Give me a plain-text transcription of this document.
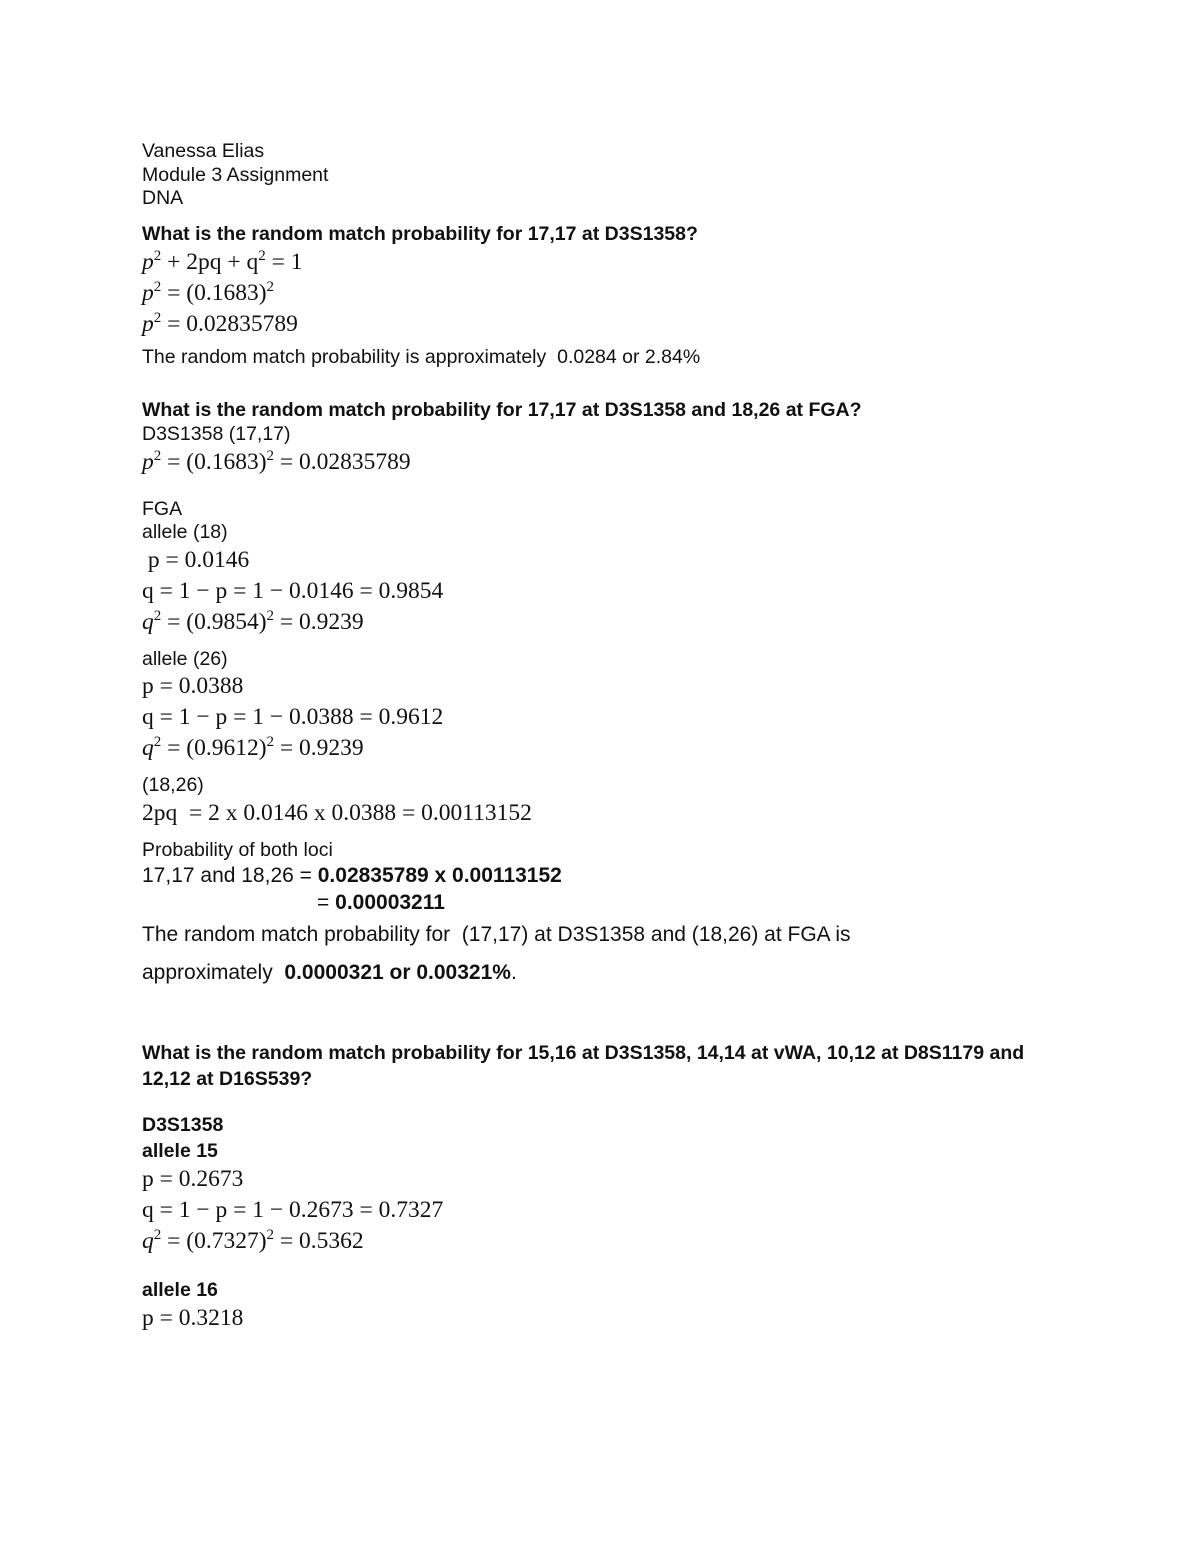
Vanessa Elias

Module 3 Assignment

DNA

What is the random match probability for 17,17 at D3S1358?

$p^2 + 2pq + q^2 = 1$

$p^2 = (0.1683)^2$

$p^2 = 0.02835789$

The random match probability is approximately  0.0284 or 2.84%

What is the random match probability for 17,17 at D3S1358 and 18,26 at FGA?

D3S1358 (17,17)

$p^2 = (0.1683)^2 = 0.02835789$

FGA

allele (18)

p = 0.0146

q = 1 − p = 1 − 0.0146 = 0.9854

$q^2 = (0.9854)^2 = 0.9239$

allele (26)

p = 0.0388

q = 1 − p = 1 − 0.0388 = 0.9612

$q^2 = (0.9612)^2 = 0.9239$

(18,26)

2pq  = 2 x 0.0146 x 0.0388 = 0.00113152

Probability of both loci

17,17 and 18,26 = 0.02835789 x 0.00113152

= 0.00003211

The random match probability for  (17,17) at D3S1358 and (18,26) at FGA is

approximately  0.0000321 or 0.00321%.

What is the random match probability for 15,16 at D3S1358, 14,14 at vWA, 10,12 at D8S1179 and 12,12 at D16S539?

D3S1358

allele 15

p = 0.2673

q = 1 − p = 1 − 0.2673 = 0.7327

$q^2 = (0.7327)^2 = 0.5362$

allele 16

p = 0.3218
